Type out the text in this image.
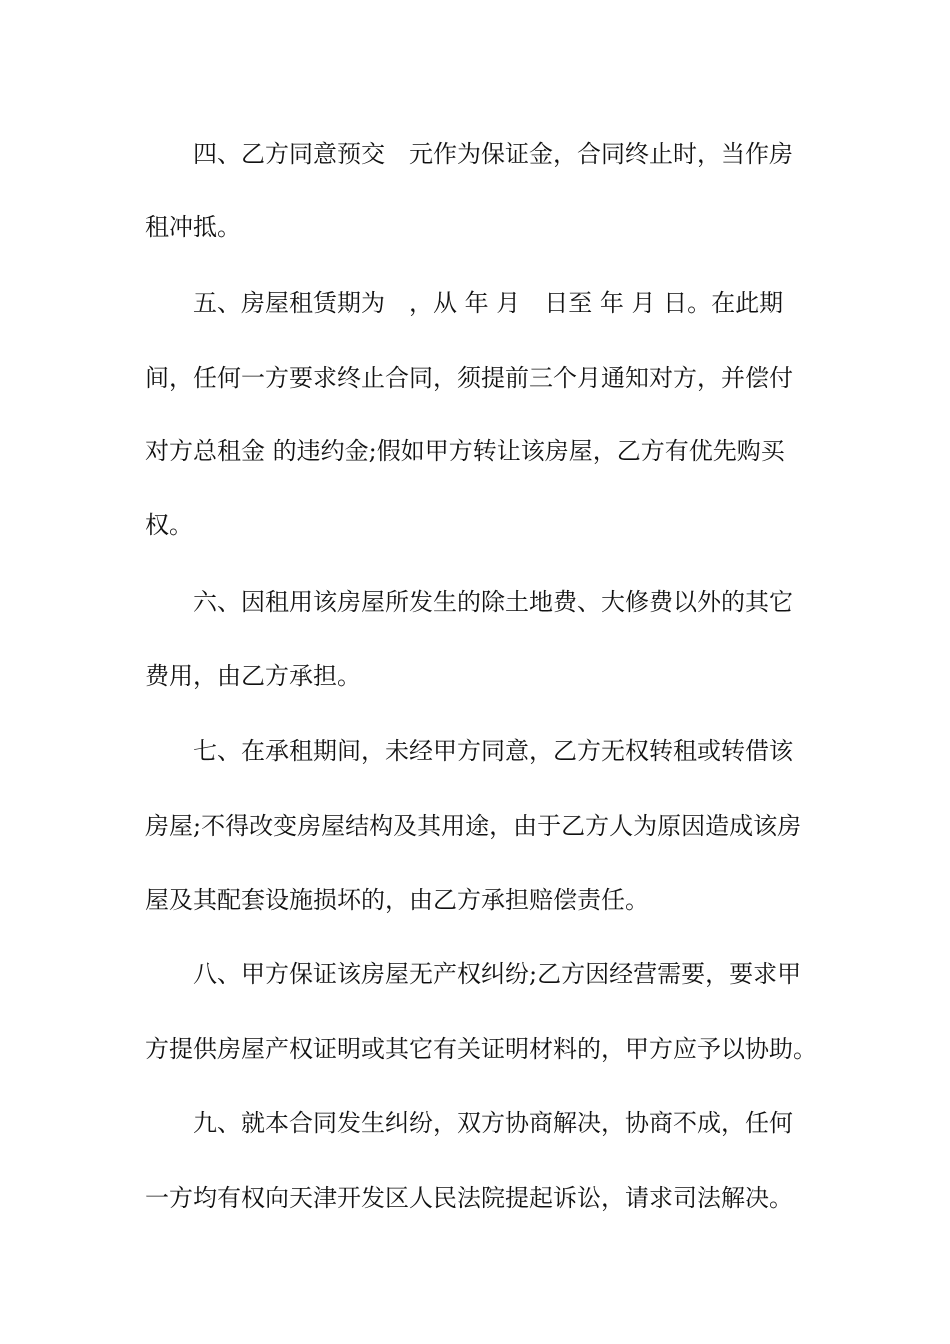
四、乙方同意预交　元作为保证金，合同终止时，当作房
租冲抵。
五、房屋租赁期为　，从 年 月　日至 年 月 日。在此期
间，任何一方要求终止合同，须提前三个月通知对方，并偿付
对方总租金 的违约金;假如甲方转让该房屋，乙方有优先购买
权。
六、因租用该房屋所发生的除土地费、大修费以外的其它
费用，由乙方承担。
七、在承租期间，未经甲方同意，乙方无权转租或转借该
房屋;不得改变房屋结构及其用途，由于乙方人为原因造成该房
屋及其配套设施损坏的，由乙方承担赔偿责任。
八、甲方保证该房屋无产权纠纷;乙方因经营需要，要求甲
方提供房屋产权证明或其它有关证明材料的，甲方应予以协助。
九、就本合同发生纠纷，双方协商解决，协商不成，任何
一方均有权向天津开发区人民法院提起诉讼，请求司法解决。
